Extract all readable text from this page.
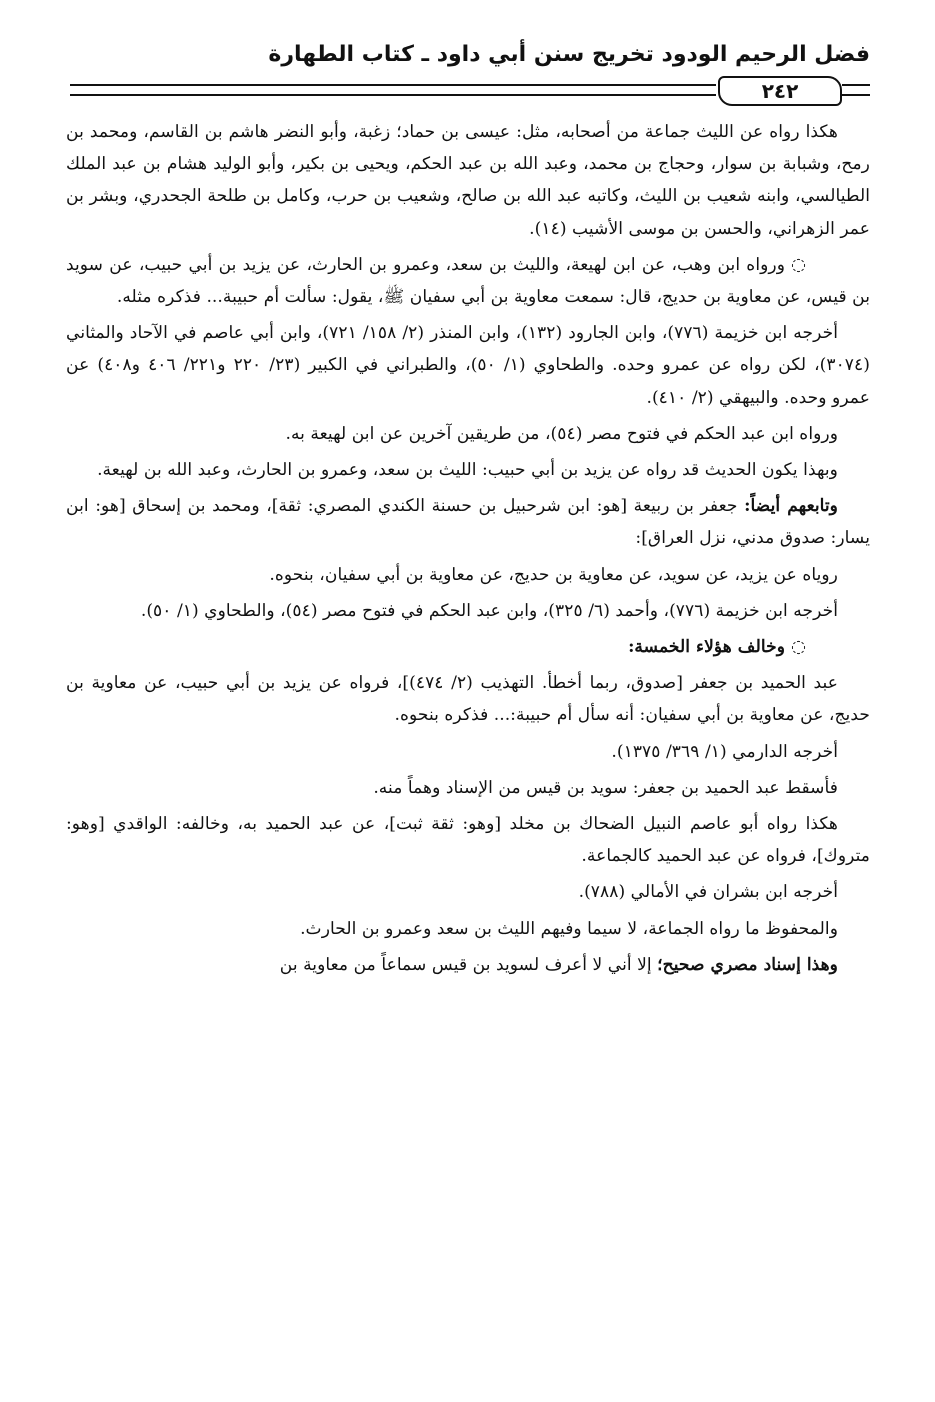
فضل الرحيم الودود تخريج سنن أبي داود ـ كتاب الطهارة
٢٤٢

هكذا رواه عن الليث جماعة من أصحابه، مثل: عيسى بن حماد؛ زغبة، وأبو النضر هاشم بن القاسم، ومحمد بن رمح، وشبابة بن سوار، وحجاج بن محمد، وعبد الله بن عبد الحكم، ويحيى بن بكير، وأبو الوليد هشام بن عبد الملك الطيالسي، وابنه شعيب بن الليث، وكاتبه عبد الله بن صالح، وشعيب بن حرب، وكامل بن طلحة الجحدري، وبشر بن عمر الزهراني، والحسن بن موسى الأشيب (١٤).

◌ورواه ابن وهب، عن ابن لهيعة، والليث بن سعد، وعمرو بن الحارث، عن يزيد بن أبي حبيب، عن سويد بن قيس، عن معاوية بن حديج، قال: سمعت معاوية بن أبي سفيان ﷺ، يقول: سألت أم حبيبة... فذكره مثله.

أخرجه ابن خزيمة (٧٧٦)، وابن الجارود (١٣٢)، وابن المنذر (٢/ ١٥٨/ ٧٢١)، وابن أبي عاصم في الآحاد والمثاني (٣٠٧٤)، لكن رواه عن عمرو وحده. والطحاوي (١/ ٥٠)، والطبراني في الكبير (٢٣/ ٢٢٠ و٢٢١/ ٤٠٦ و٤٠٨) عن عمرو وحده. والبيهقي (٢/ ٤١٠).

ورواه ابن عبد الحكم في فتوح مصر (٥٤)، من طريقين آخرين عن ابن لهيعة به.

وبهذا يكون الحديث قد رواه عن يزيد بن أبي حبيب: الليث بن سعد، وعمرو بن الحارث، وعبد الله بن لهيعة.

وتابعهم أيضاً: جعفر بن ربيعة [هو: ابن شرحبيل بن حسنة الكندي المصري: ثقة]، ومحمد بن إسحاق [هو: ابن يسار: صدوق مدني، نزل العراق]:

روياه عن يزيد، عن سويد، عن معاوية بن حديج، عن معاوية بن أبي سفيان، بنحوه.

أخرجه ابن خزيمة (٧٧٦)، وأحمد (٦/ ٣٢٥)، وابن عبد الحكم في فتوح مصر (٥٤)، والطحاوي (١/ ٥٠).

◌وخالف هؤلاء الخمسة:

عبد الحميد بن جعفر [صدوق، ربما أخطأ. التهذيب (٢/ ٤٧٤)]، فرواه عن يزيد بن أبي حبيب، عن معاوية بن حديج، عن معاوية بن أبي سفيان: أنه سأل أم حبيبة:... فذكره بنحوه.

أخرجه الدارمي (١/ ٣٦٩/ ١٣٧٥).

فأسقط عبد الحميد بن جعفر: سويد بن قيس من الإسناد وهماً منه.

هكذا رواه أبو عاصم النبيل الضحاك بن مخلد [وهو: ثقة ثبت]، عن عبد الحميد به، وخالفه: الواقدي [وهو: متروك]، فرواه عن عبد الحميد كالجماعة.

أخرجه ابن بشران في الأمالي (٧٨٨).

والمحفوظ ما رواه الجماعة، لا سيما وفيهم الليث بن سعد وعمرو بن الحارث.

وهذا إسناد مصري صحيح؛ إلا أني لا أعرف لسويد بن قيس سماعاً من معاوية بن
